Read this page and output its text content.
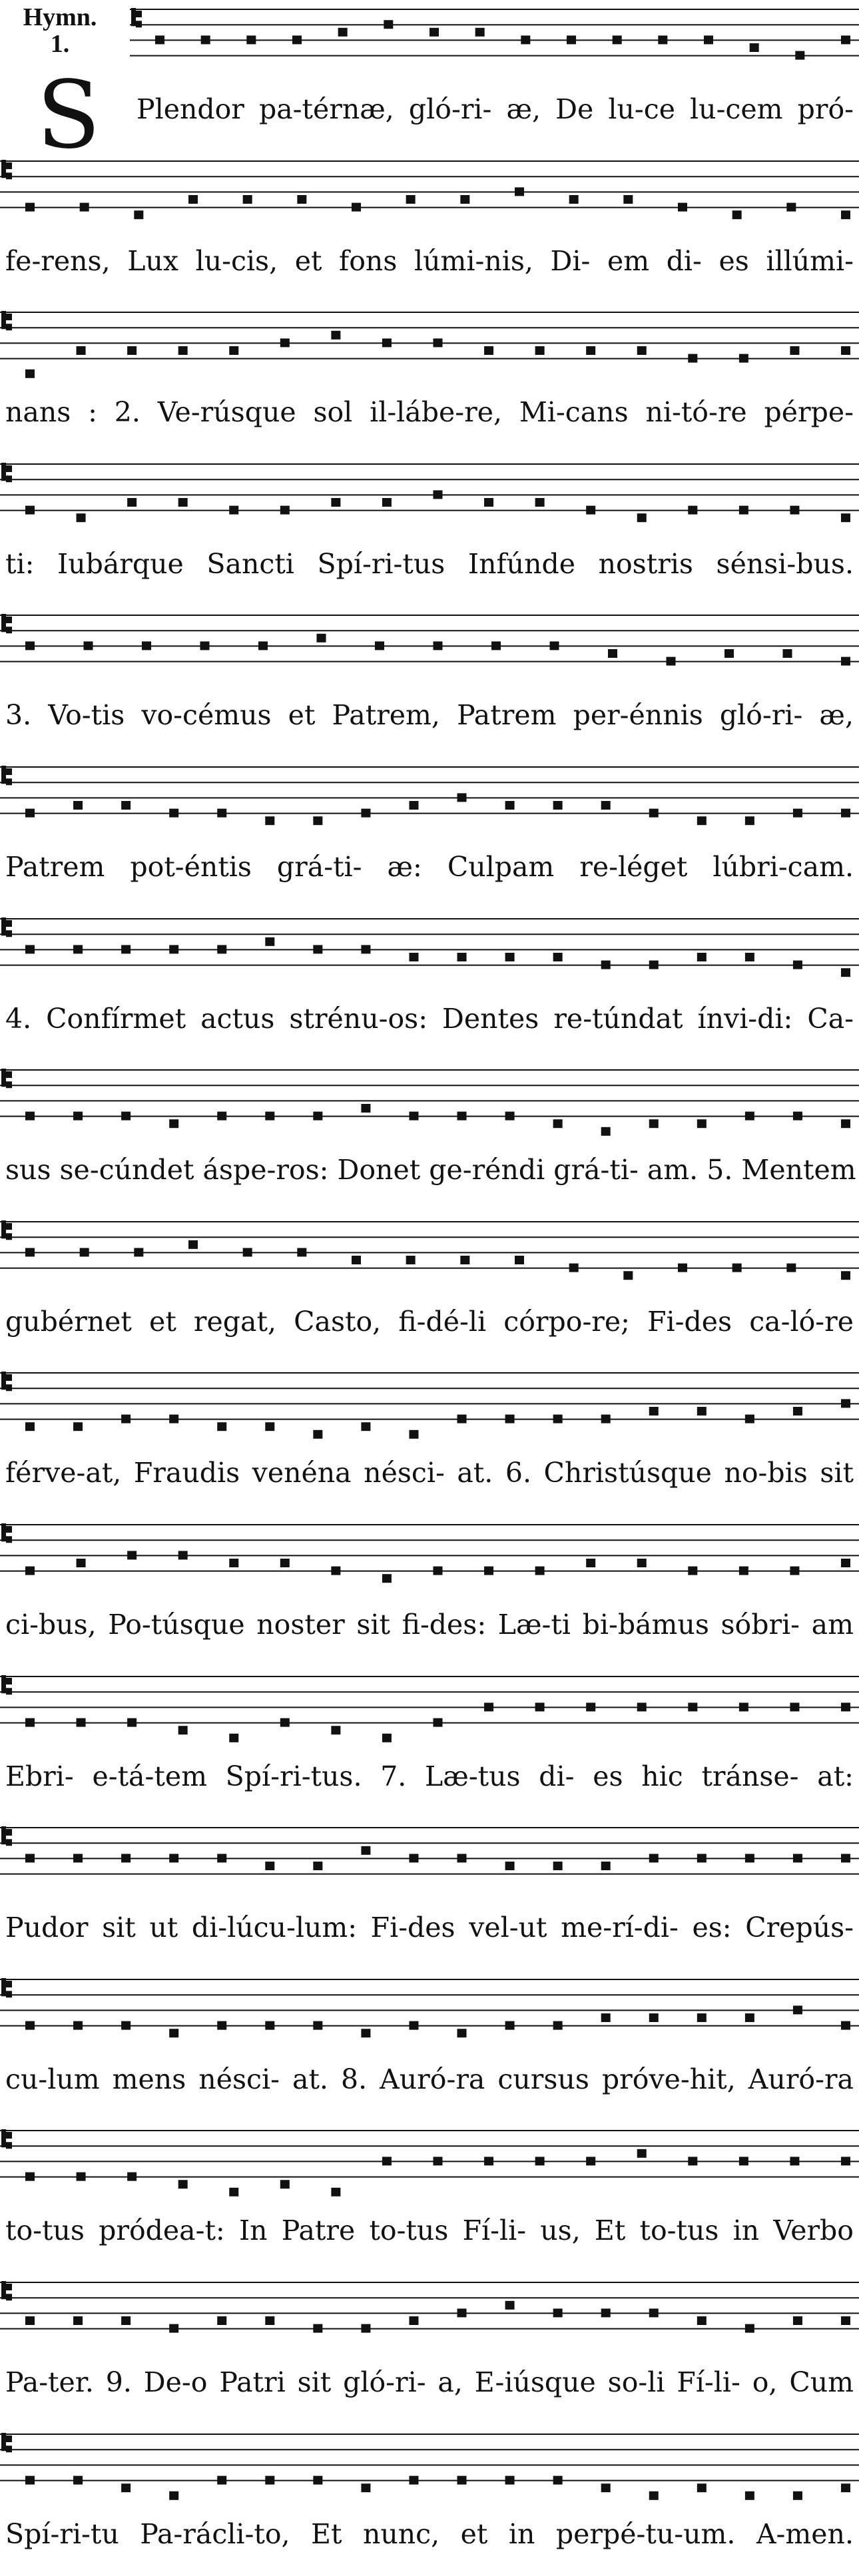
Hymn.
1.
S Plendor pa-térnæ, gló-ri- æ, De lu-ce lu-cem pró-
fe-rens, Lux lu-cis, et fons lúmi-nis, Di- em di- es illúmi-
nans : 2. Ve-rúsque sol il-lábe-re, Mi-cans ni-tó-re pérpe-
ti: Iubárque Sancti Spí-ri-tus Infúnde nostris sénsi-bus.
3. Vo-tis vo-cémus et Patrem, Patrem per-énnis gló-ri- æ,
Patrem pot-éntis grá-ti- æ: Culpam re-léget lúbri-cam.
4. Confírmet actus strénu-os: Dentes re-túndat ínvi-di: Ca-
sus se-cúndet áspe-ros: Donet ge-réndi grá-ti- am. 5. Mentem
gubérnet et regat, Casto, fi-dé-li córpo-re; Fi-des ca-ló-re
férve-at, Fraudis venéna nésci- at. 6. Christúsque no-bis sit
ci-bus, Po-túsque noster sit fi-des: Læ-ti bi-bámus sóbri- am
Ebri- e-tá-tem Spí-ri-tus. 7. Læ-tus di- es hic tránse- at:
Pudor sit ut di-lúcu-lum: Fi-des vel-ut me-rí-di- es: Crepús-
cu-lum mens nésci- at. 8. Auró-ra cursus próve-hit, Auró-ra
to-tus pródea-t: In Patre to-tus Fí-li- us, Et to-tus in Verbo
Pa-ter. 9. De-o Patri sit gló-ri- a, E-iúsque so-li Fí-li- o, Cum
Spí-ri-tu Pa-rácli-to, Et nunc, et in perpé-tu-um. A-men.
